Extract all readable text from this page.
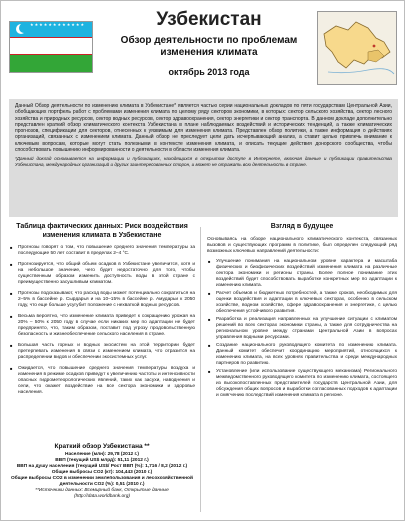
★★★★★★★★★★★★	Узбекистан
Обзор деятельности по проблемам изменения климата
октябрь 2013 года

Данный Обзор деятельности по изменению климата в Узбекистане* является частью серии национальных докладов по пяти государствам Центральной Азии, обобщающих портфель работ с проблемами изменения климата по целому ряду секторов экономики, в которых: сектор сельского хозяйства, сектор лесного хозяйства и природных ресурсов, сектор водных ресурсов, сектор здравоохранения, сектор энергетики и сектор транспорта. В данном докладе дополнительно представлен краткий обзор климатического контекста Узбекистана в плане наблюдаемых воздействий и исторических тенденций, а также климатических прогнозов, спецификации для секторов, отнесенных к уязвимым для изменения климата. Представлен обзор политики, а также информация о действиях организаций, связанных с изменением климата. Данный обзор не преследует цели дать исчерпывающий анализ, а ставит целью привлечь внимание к ключевым вопросам, которые могут стать полезными в контексте изменения климата, и описать текущие действия донорского сообщества, чтобы способствовать повышению информированности о деятельности в области изменения климата.

*Данный доклад основывается на информации и публикациях, находящихся в открытом доступе в Интернете, включая данные и публикации правительства Узбекистана, международных организаций и других заинтересованных сторон, и может не отражать всю деятельность в стране.

Таблица фактических данных: Риск воздействия изменения климата в Узбекистане
■ Прогнозы говорят о том, что повышение среднего значения температуры за последующие 50 лет составит в пределах 2–4 °C.
■ Прогнозируется, что общий объем осадков в Узбекистане увеличится, хотя и на небольшое значение, чего будет недостаточно для того, чтобы существенным образом изменить доступность воды в этой стране с преимущественно засушливым климатом.
■ Прогнозы подсказывают, что расход воды может потенциально сократиться на 2–5% в бассейне р. Сырдарья и на 10–15% в бассейне р. Амударьи к 2050 году, что еще больше усугубит положение с нехваткой водных ресурсов.
■ Весьма вероятно, что изменение климата приведет к сокращению урожая на 20% – 50% к 2050 году в случае если никаких мер по адаптации не будет предпринято, что, таким образом, поставит под угрозу продовольственную безопасность и жизнеобеспечение сельского населения в стране.
■ Большая часть горных и водных экосистем на этой территории будет претерпевать изменения в связи с изменением климата, что отразится на распределении видов и обеспечении экосистемных услуг.
■ Ожидается, что повышение среднего значения температуры воздуха и изменения в режиме осадков приведут к увеличению частоты и интенсивности опасных гидрометеорологических явлений, таких как засухи, наводнения и сели, что окажет воздействие на все сектора экономики и здоровье населения.
Краткий обзор Узбекистана **

Население (млн): 29,78 (2012 г.)

ВВП (текущий US$ млрд): 51,11 (2012 г.)

ВВП на душу населения (текущий US$/ Рост ВВП (%): 1,716 / 8,2 (2012 г.)

Общие выбросы CO2 (кт): 104,443 (2010 г.)

Общие выбросы CO2 в изменении землепользования и лесохозяйственной деятельности CO2 (%): 0,51 (2010 г.)

**Источники данных: Всемирный банк, Открытые данные (http://data.worldbank.org)

Взгляд в будущее

Основываясь на обзоре национального климатического контекста, связанных вызовов и существующих программ в политике, был определен следующий ряд возможных ключевых направлений деятельности:

■ Улучшение понимания на национальном уровне характера и масштаба физических и биофизических воздействий изменения климата на различные сектора экономики и регионы страны. Более полное понимание этих воздействий будет способствовать выработке конкретных мер по адаптации к изменению климата.
■ Расчет объемов и бюджетных потребностей, а также сроков, необходимых для оценки воздействия и адаптации в ключевых секторах, особенно в сельском хозяйстве, водном хозяйстве, сфере здравоохранения и энергетике, с целью обеспечения устойчивого развития.
■ Разработка и реализация направленных на улучшение ситуации с климатом решений во всех секторах экономики страны, а также для сотрудничества на региональном уровне между странами Центральной Азии в вопросах управления водными ресурсами.
■ Создание национального руководящего комитета по изменению климата. Данный комитет обеспечит координацию мероприятий, относящихся к изменению климата, на всех уровнях правительства и среди международных партнеров по развитию.
■ Установление (или использование существующего механизма) Регионального межведомственного руководящего комитета по изменению климата, состоящего из высокопоставленных представителей государств Центральной Азии, для обсуждения общих вопросов и выработки согласованных подходов к адаптации и смягчению последствий изменения климата в регионе.
